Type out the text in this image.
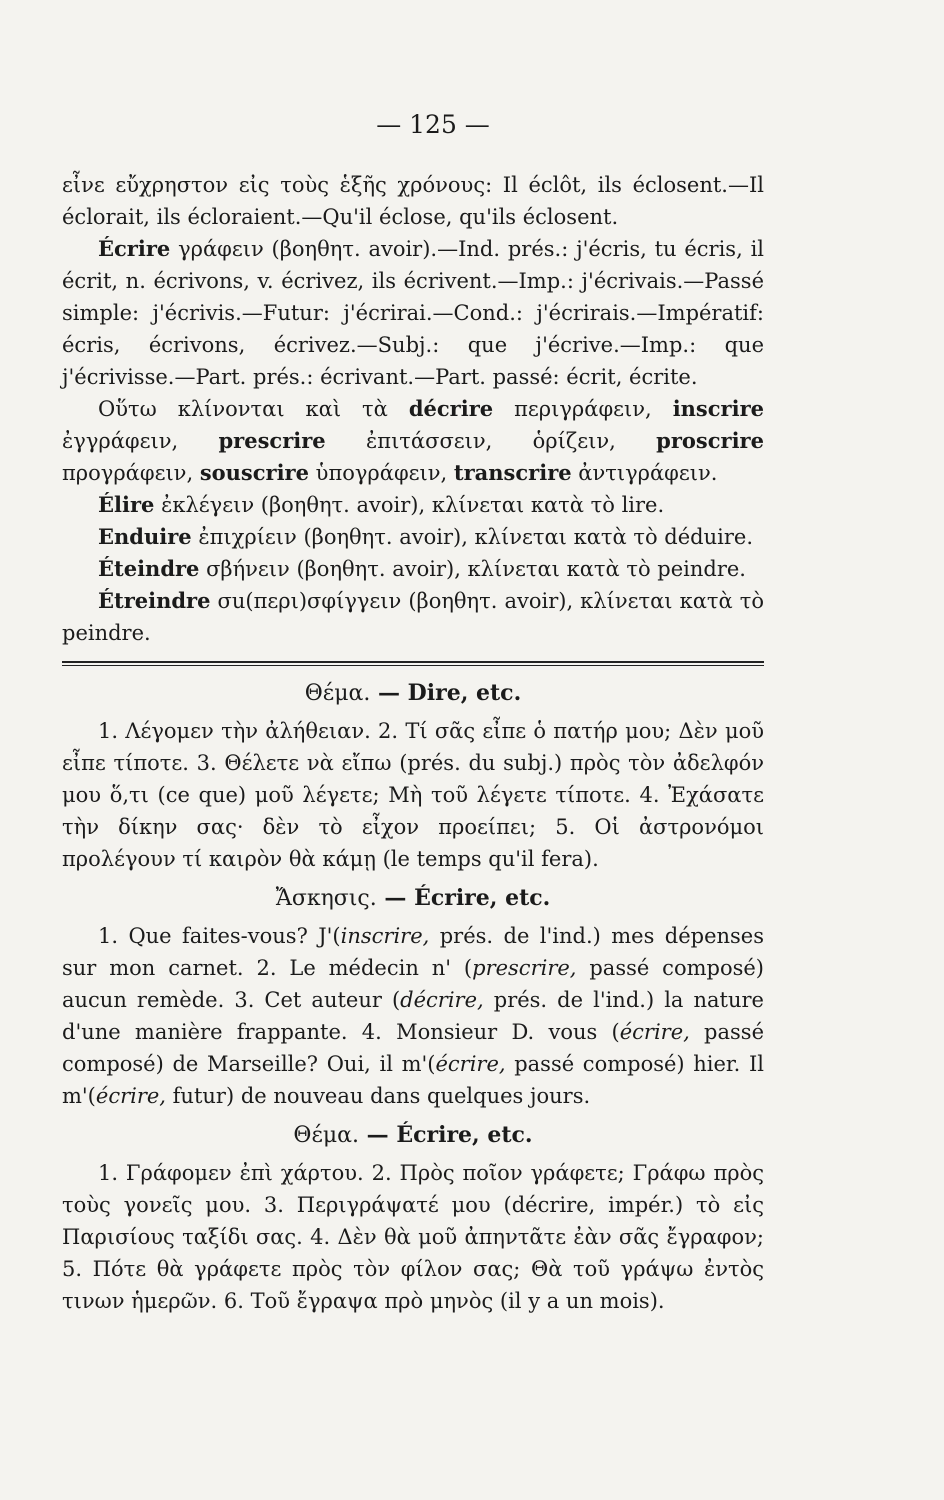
— 125 —

εἶνε εὔχρηστον εἰς τοὺς ἑξῆς χρόνους: Il éclôt, ils éclosent.—Il éclorait, ils écloraient.—Qu'il éclose, qu'ils éclosent.

Écrire γράφειν (βοηθητ. avoir).—Ind. prés.: j'écris, tu écris, il écrit, n. écrivons, v. écrivez, ils écrivent.—Imp.: j'écrivais.—Passé simple: j'écrivis.—Futur: j'écrirai.—Cond.: j'écrirais.—Impératif: écris, écrivons, écrivez.—Subj.: que j'écrive.—Imp.: que j'écrivisse.—Part. prés.: écrivant.—Part. passé: écrit, écrite.

Οὕτω κλίνονται καὶ τὰ décrire περιγράφειν, inscrire ἐγγράφειν, prescrire ἐπιτάσσειν, ὁρίζειν, proscrire προγράφειν, souscrire ὑπογράφειν, transcrire ἀντιγράφειν.

Élire ἐκλέγειν (βοηθητ. avoir), κλίνεται κατὰ τὸ lire.

Enduire ἐπιχρίειν (βοηθητ. avoir), κλίνεται κατὰ τὸ déduire.

Éteindre σβήνειν (βοηθητ. avoir), κλίνεται κατὰ τὸ peindre.

Étreindre σu(περι)σφίγγειν (βοηθητ. avoir), κλίνεται κατὰ τὸ peindre.

Θέμα. — Dire, etc.

1. Λέγομεν τὴν ἀλήθειαν. 2. Τί σᾶς εἶπε ὁ πατήρ μου; Δὲν μοῦ εἶπε τίποτε. 3. Θέλετε νὰ εἴπω (prés. du subj.) πρὸς τὸν ἀδελφόν μου ὅ,τι (ce que) μοῦ λέγετε; Μὴ τοῦ λέγετε τίποτε. 4. Ἐχάσατε τὴν δίκην σας· δὲν τὸ εἶχον προείπει; 5. Οἱ ἀστρονόμοι προλέγουν τί καιρὸν θὰ κάμῃ (le temps qu'il fera).

Ἄσκησις. — Écrire, etc.

1. Que faites-vous? J'(inscrire, prés. de l'ind.) mes dépenses sur mon carnet. 2. Le médecin n' (prescrire, passé composé) aucun remède. 3. Cet auteur (décrire, prés. de l'ind.) la nature d'une manière frappante. 4. Monsieur D. vous (écrire, passé composé) de Marseille? Oui, il m'(écrire, passé composé) hier. Il m'(écrire, futur) de nouveau dans quelques jours.

Θέμα. — Écrire, etc.

1. Γράφομεν ἐπὶ χάρτου. 2. Πρὸς ποῖον γράφετε; Γράφω πρὸς τοὺς γονεῖς μου. 3. Περιγράψατέ μου (décrire, impér.) τὸ εἰς Παρισίους ταξίδι σας. 4. Δὲν θὰ μοῦ ἀπηντᾶτε ἐὰν σᾶς ἔγραφον; 5. Πότε θὰ γράφετε πρὸς τὸν φίλον σας; Θὰ τοῦ γράψω ἐντὸς τινων ἡμερῶν. 6. Τοῦ ἔγραψα πρὸ μηνὸς (il y a un mois).
